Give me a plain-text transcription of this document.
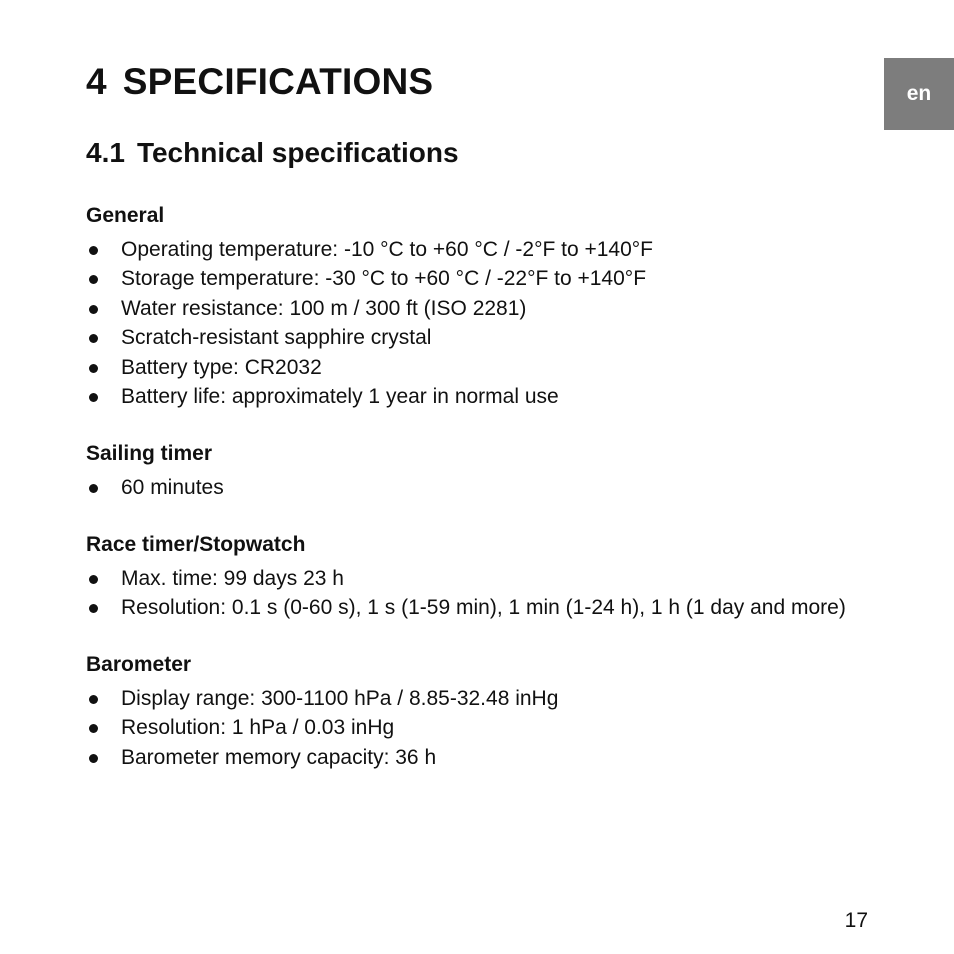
4 SPECIFICATIONS	en
4.1 Technical specifications
General
Operating temperature: -10 °C to +60 °C / -2°F to +140°F
Storage temperature: -30 °C to +60 °C / -22°F to +140°F
Water resistance: 100 m / 300 ft (ISO 2281)
Scratch-resistant sapphire crystal
Battery type: CR2032
Battery life: approximately 1 year in normal use
Sailing timer
60 minutes
Race timer/Stopwatch
Max. time: 99 days 23 h
Resolution: 0.1 s (0-60 s), 1 s (1-59 min), 1 min (1-24 h), 1 h (1 day and more)
Barometer
Display range: 300-1100 hPa / 8.85-32.48 inHg
Resolution: 1 hPa / 0.03 inHg
Barometer memory capacity: 36 h
17
